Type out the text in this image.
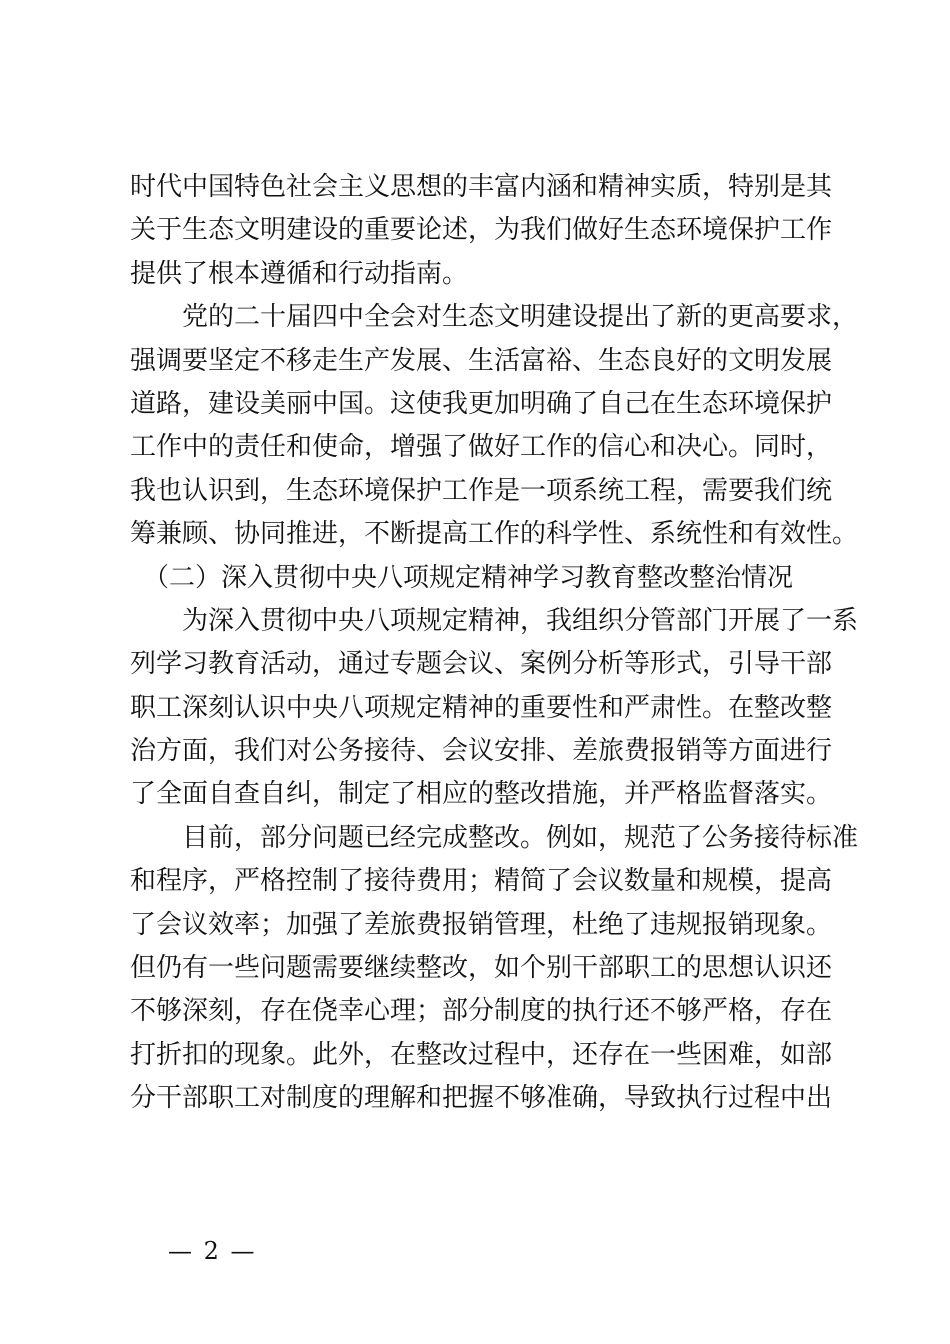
时代中国特色社会主义思想的丰富内涵和精神实质，特别是其
关于生态文明建设的重要论述，为我们做好生态环境保护工作
提供了根本遵循和行动指南。
　　党的二十届四中全会对生态文明建设提出了新的更高要求，
强调要坚定不移走生产发展、生活富裕、生态良好的文明发展
道路，建设美丽中国。这使我更加明确了自己在生态环境保护
工作中的责任和使命，增强了做好工作的信心和决心。同时，
我也认识到，生态环境保护工作是一项系统工程，需要我们统
筹兼顾、协同推进，不断提高工作的科学性、系统性和有效性。
　（二）深入贯彻中央八项规定精神学习教育整改整治情况
　　为深入贯彻中央八项规定精神，我组织分管部门开展了一系
列学习教育活动，通过专题会议、案例分析等形式，引导干部
职工深刻认识中央八项规定精神的重要性和严肃性。在整改整
治方面，我们对公务接待、会议安排、差旅费报销等方面进行
了全面自查自纠，制定了相应的整改措施，并严格监督落实。
　　目前，部分问题已经完成整改。例如，规范了公务接待标准
和程序，严格控制了接待费用；精简了会议数量和规模，提高
了会议效率；加强了差旅费报销管理，杜绝了违规报销现象。
但仍有一些问题需要继续整改，如个别干部职工的思想认识还
不够深刻，存在侥幸心理；部分制度的执行还不够严格，存在
打折扣的现象。此外，在整改过程中，还存在一些困难，如部
分干部职工对制度的理解和把握不够准确，导致执行过程中出
— 2 —
